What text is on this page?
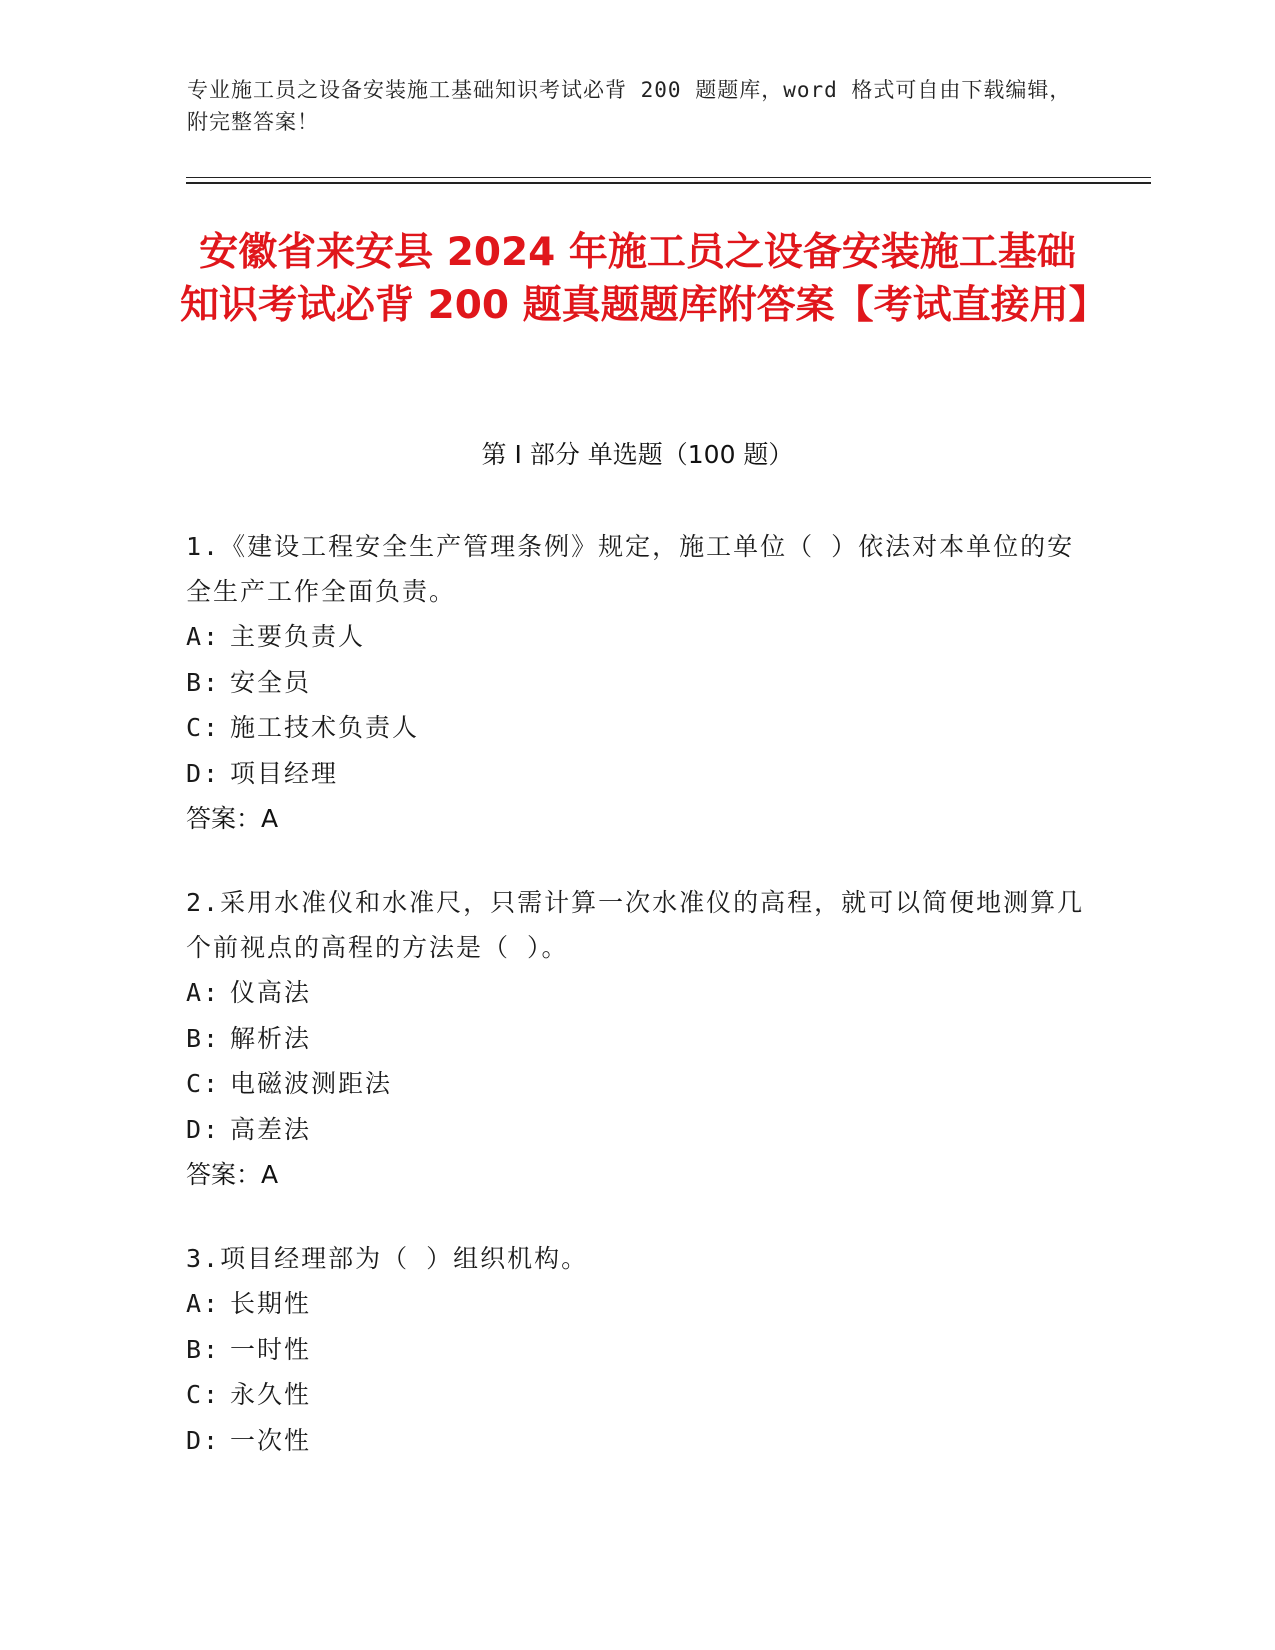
专业施工员之设备安装施工基础知识考试必背 200 题题库，word 格式可自由下载编辑，附完整答案！
安徽省来安县 2024 年施工员之设备安装施工基础知识考试必背 200 题真题题库附答案【考试直接用】
第 I 部分 单选题（100 题）
1.《建设工程安全生产管理条例》规定，施工单位（ ）依法对本单位的安全生产工作全面负责。
A: 主要负责人
B: 安全员
C: 施工技术负责人
D: 项目经理
答案：A
2.采用水准仪和水准尺，只需计算一次水准仪的高程，就可以简便地测算几个前视点的高程的方法是（ ）。
A: 仪高法
B: 解析法
C: 电磁波测距法
D: 高差法
答案：A
3.项目经理部为（ ）组织机构。
A: 长期性
B: 一时性
C: 永久性
D: 一次性
